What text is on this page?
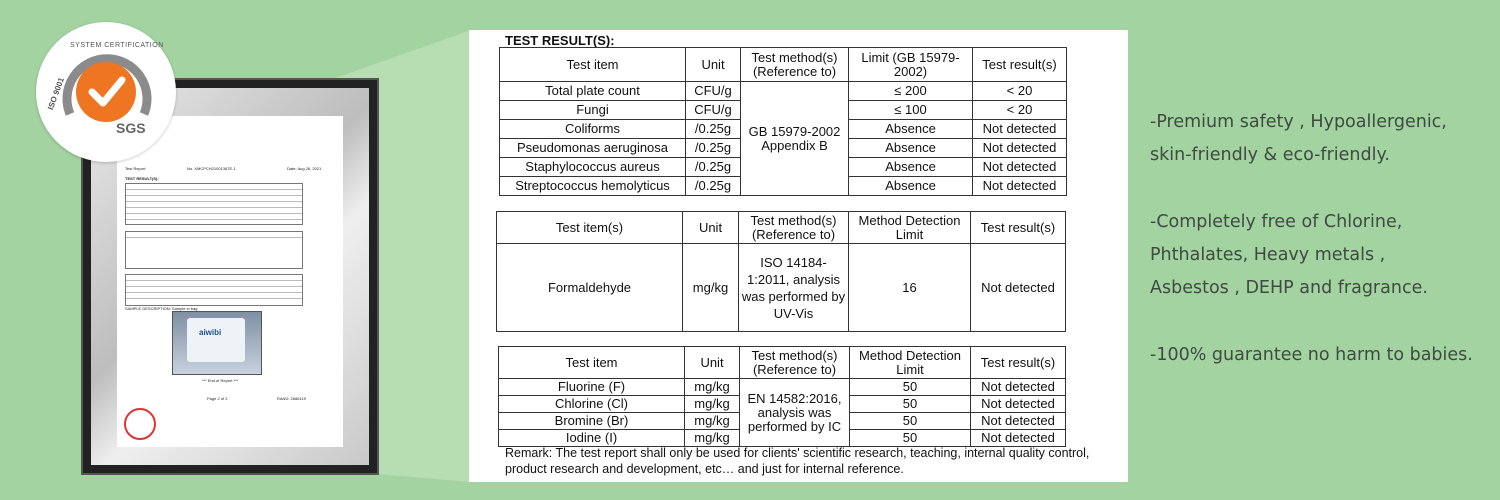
Test Report	No. XMCPCH21001367E-1	Date: Aug 26, 2021
TEST RESULT(S):
SAMPLE DESCRIPTION: Sample in bag
aiwibi
*** End of Report ***
Page 2 of 2	RAND: 2686119
SYSTEM CERTIFICATION
ISO 9001
SGS
TEST RESULT(S):
Test item	Unit	Test method(s) (Reference to)	Limit (GB 15979-2002)	Test result(s)
Total plate count	CFU/g	GB 15979-2002 Appendix B	≤ 200	< 20
Fungi	CFU/g		≤ 100	< 20
Coliforms	/0.25g		Absence	Not detected
Pseudomonas aeruginosa	/0.25g		Absence	Not detected
Staphylococcus aureus	/0.25g		Absence	Not detected
Streptococcus hemolyticus	/0.25g		Absence	Not detected
Test item(s)	Unit	Test method(s) (Reference to)	Method Detection Limit	Test result(s)
Formaldehyde	mg/kg	ISO 14184-1:2011, analysis was performed by UV-Vis	16	Not detected
Test item	Unit	Test method(s) (Reference to)	Method Detection Limit	Test result(s)
Fluorine (F)	mg/kg	EN 14582:2016, analysis was performed by IC	50	Not detected
Chlorine (Cl)	mg/kg		50	Not detected
Bromine (Br)	mg/kg		50	Not detected
Iodine (I)	mg/kg		50	Not detected
Remark: The test report shall only be used for clients' scientific research, teaching, internal quality control, product research and development, etc… and just for internal reference.

-Premium safety , Hypoallergenic,

skin-friendly & eco-friendly.

-Completely free of Chlorine,

Phthalates, Heavy metals ,

Asbestos , DEHP and fragrance.

-100% guarantee no harm to babies.
